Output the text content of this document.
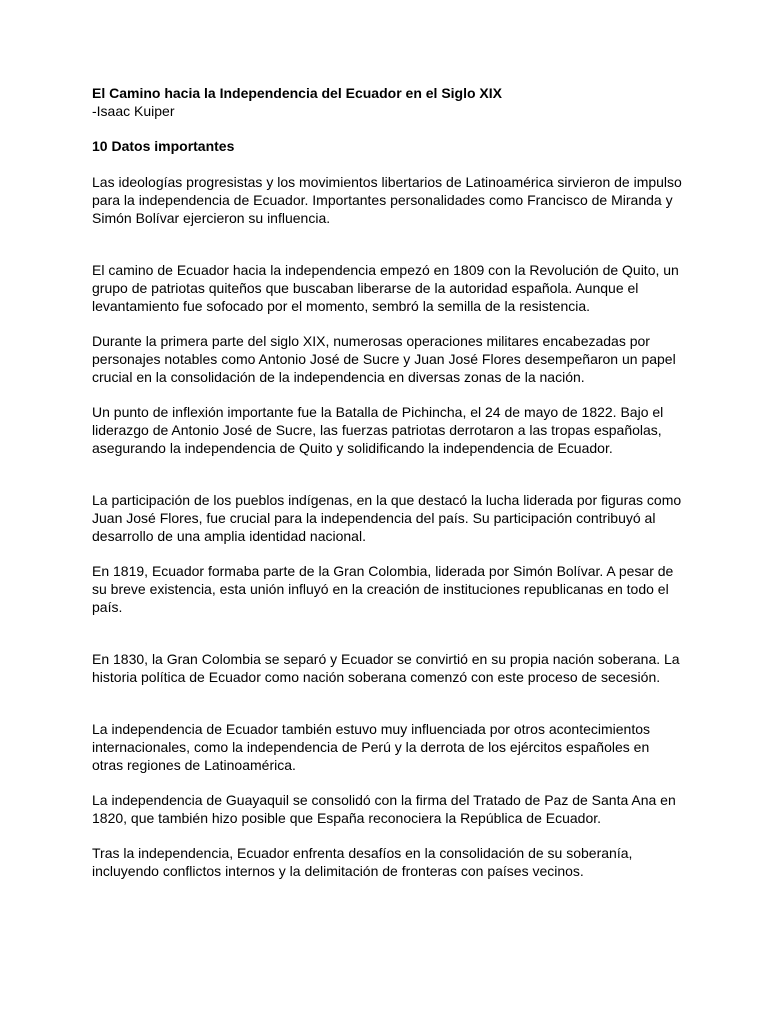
El Camino hacia la Independencia del Ecuador en el Siglo XIX

-Isaac Kuiper

10 Datos importantes

Las ideologías progresistas y los movimientos libertarios de Latinoamérica sirvieron de impulso para la independencia de Ecuador. Importantes personalidades como Francisco de Miranda y Simón Bolívar ejercieron su influencia.

El camino de Ecuador hacia la independencia empezó en 1809 con la Revolución de Quito, un grupo de patriotas quiteños que buscaban liberarse de la autoridad española. Aunque el levantamiento fue sofocado por el momento, sembró la semilla de la resistencia.

Durante la primera parte del siglo XIX, numerosas operaciones militares encabezadas por personajes notables como Antonio José de Sucre y Juan José Flores desempeñaron un papel crucial en la consolidación de la independencia en diversas zonas de la nación.

Un punto de inflexión importante fue la Batalla de Pichincha, el 24 de mayo de 1822. Bajo el liderazgo de Antonio José de Sucre, las fuerzas patriotas derrotaron a las tropas españolas, asegurando la independencia de Quito y solidificando la independencia de Ecuador.

La participación de los pueblos indígenas, en la que destacó la lucha liderada por figuras como Juan José Flores, fue crucial para la independencia del país. Su participación contribuyó al desarrollo de una amplia identidad nacional.

En 1819, Ecuador formaba parte de la Gran Colombia, liderada por Simón Bolívar. A pesar de su breve existencia, esta unión influyó en la creación de instituciones republicanas en todo el país.

En 1830, la Gran Colombia se separó y Ecuador se convirtió en su propia nación soberana. La historia política de Ecuador como nación soberana comenzó con este proceso de secesión.

La independencia de Ecuador también estuvo muy influenciada por otros acontecimientos internacionales, como la independencia de Perú y la derrota de los ejércitos españoles en otras regiones de Latinoamérica.

La independencia de Guayaquil se consolidó con la firma del Tratado de Paz de Santa Ana en 1820, que también hizo posible que España reconociera la República de Ecuador.

Tras la independencia, Ecuador enfrenta desafíos en la consolidación de su soberanía, incluyendo conflictos internos y la delimitación de fronteras con países vecinos.
